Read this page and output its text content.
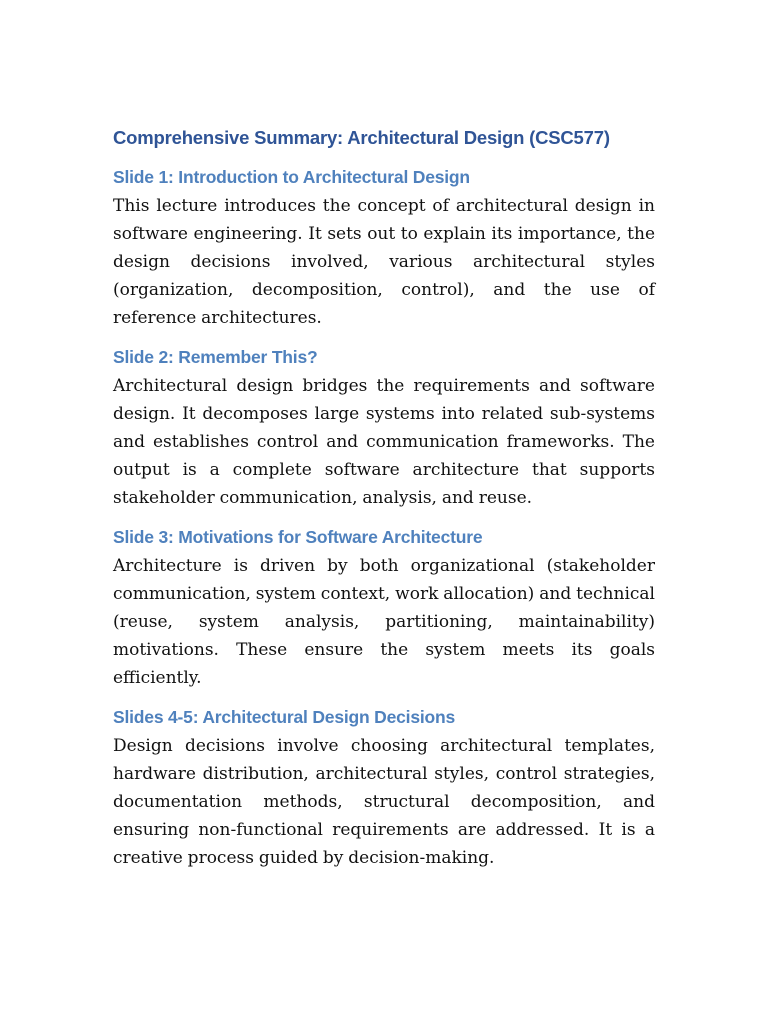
Comprehensive Summary: Architectural Design (CSC577)
Slide 1: Introduction to Architectural Design

This lecture introduces the concept of architectural design in software engineering. It sets out to explain its importance, the design decisions involved, various architectural styles (organization, decomposition, control), and the use of reference architectures.

Slide 2: Remember This?

Architectural design bridges the requirements and software design. It decomposes large systems into related sub-systems and establishes control and communication frameworks. The output is a complete software architecture that supports stakeholder communication, analysis, and reuse.

Slide 3: Motivations for Software Architecture

Architecture is driven by both organizational (stakeholder communication, system context, work allocation) and technical (reuse, system analysis, partitioning, maintainability) motivations. These ensure the system meets its goals efficiently.

Slides 4-5: Architectural Design Decisions

Design decisions involve choosing architectural templates, hardware distribution, architectural styles, control strategies, documentation methods, structural decomposition, and ensuring non-functional requirements are addressed. It is a creative process guided by decision-making.
